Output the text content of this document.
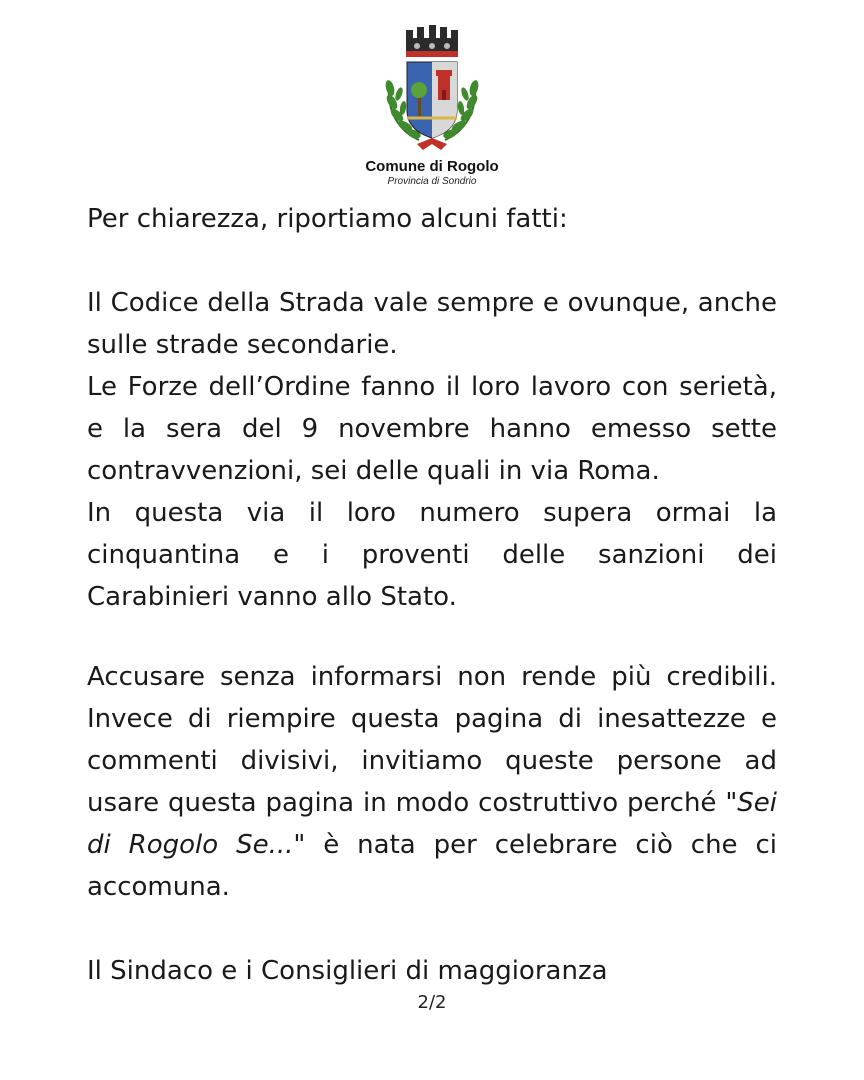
Comune di Rogolo
Provincia di Sondrio

Per chiarezza, riportiamo alcuni fatti:

Il Codice della Strada vale sempre e ovunque, anche sulle strade secondarie.

Le Forze dell’Ordine fanno il loro lavoro con serietà, e la sera del 9 novembre hanno emesso sette contravvenzioni, sei delle quali in via Roma.

In questa via il loro numero supera ormai la cinquantina e i proventi delle sanzioni dei Carabinieri vanno allo Stato.

Accusare senza informarsi non rende più credibili. Invece di riempire questa pagina di inesattezze e commenti divisivi, invitiamo queste persone ad usare questa pagina in modo costruttivo perché "Sei di Rogolo Se..." è nata per celebrare ciò che ci accomuna.

Il Sindaco e i Consiglieri di maggioranza

2/2
